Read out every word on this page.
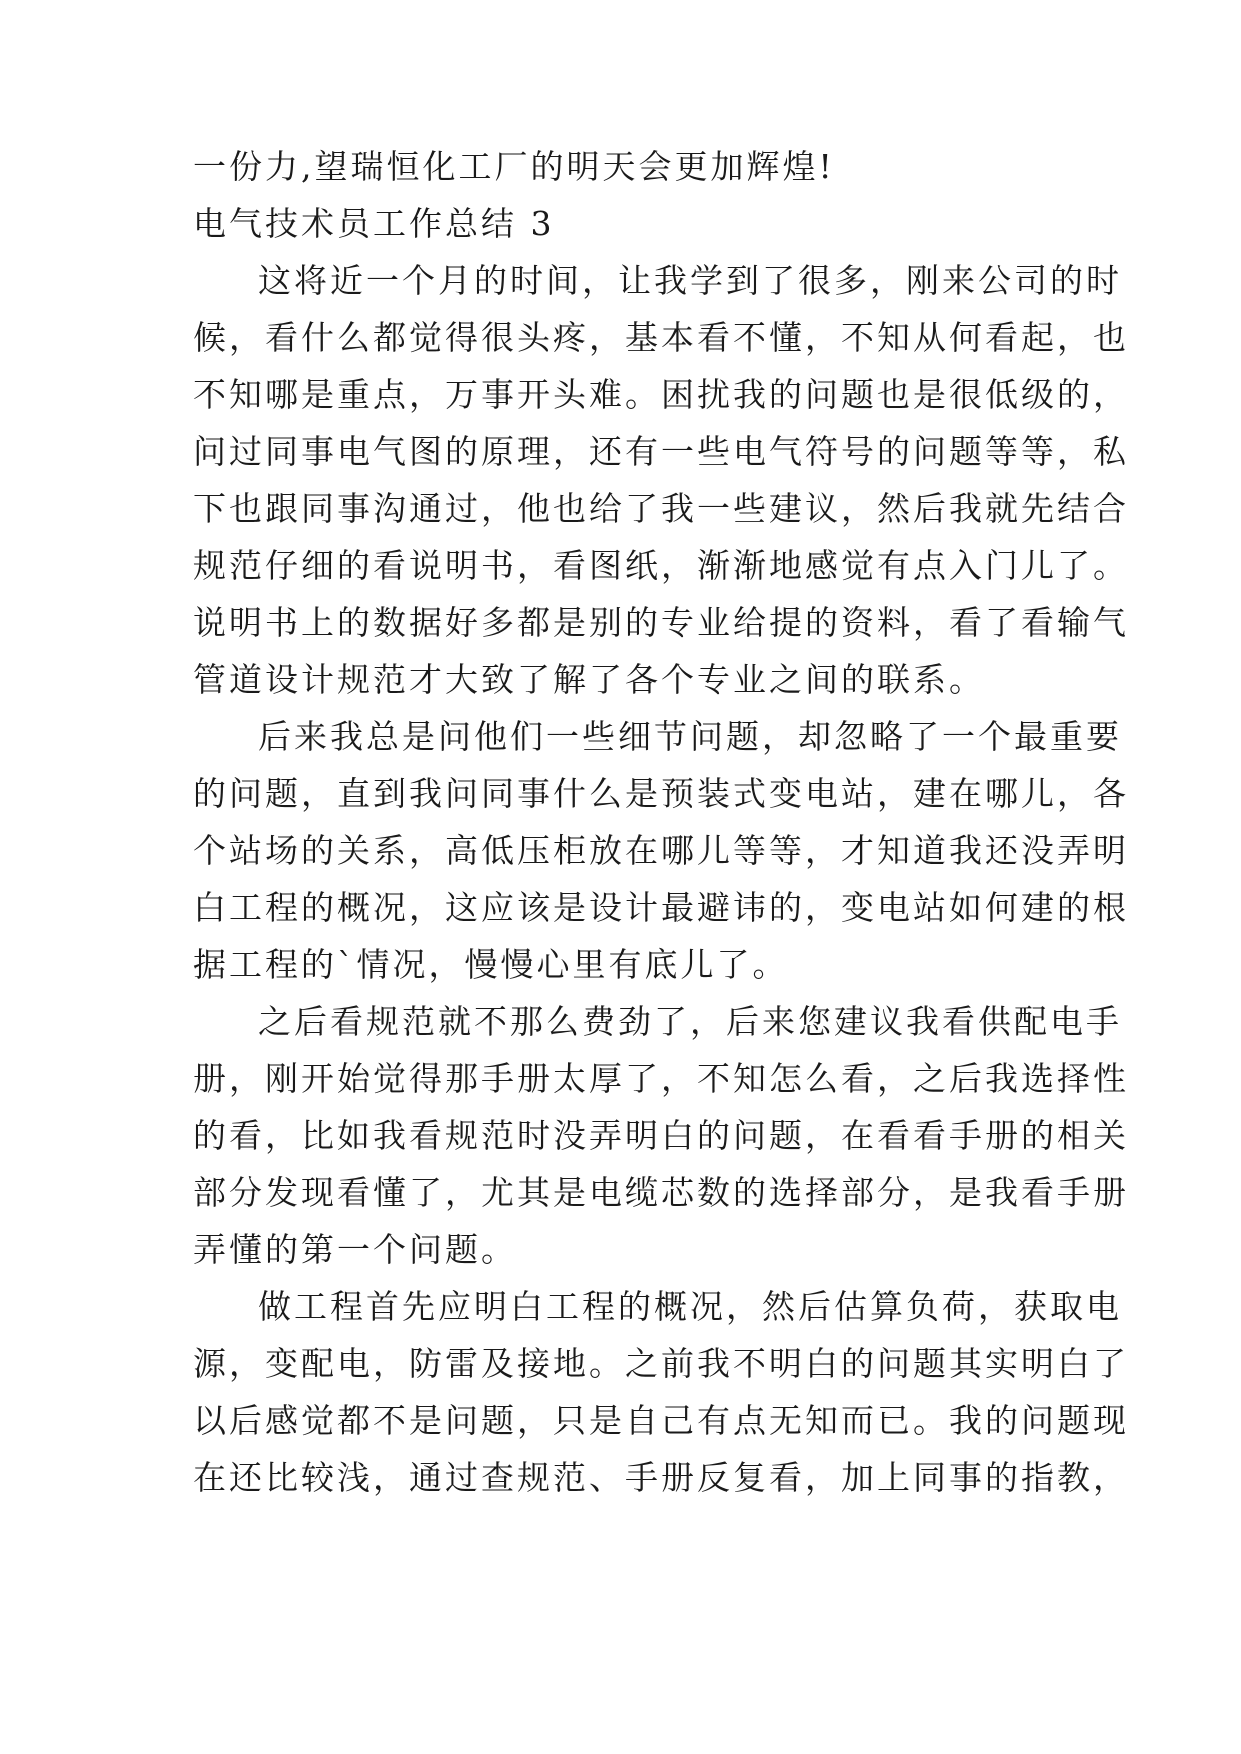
一份力,望瑞恒化工厂的明天会更加辉煌!
电气技术员工作总结 3
这将近一个月的时间，让我学到了很多，刚来公司的时
候，看什么都觉得很头疼，基本看不懂，不知从何看起，也
不知哪是重点，万事开头难。困扰我的问题也是很低级的，
问过同事电气图的原理，还有一些电气符号的问题等等，私
下也跟同事沟通过，他也给了我一些建议，然后我就先结合
规范仔细的看说明书，看图纸，渐渐地感觉有点入门儿了。
说明书上的数据好多都是别的专业给提的资料，看了看输气
管道设计规范才大致了解了各个专业之间的联系。
后来我总是问他们一些细节问题，却忽略了一个最重要
的问题，直到我问同事什么是预装式变电站，建在哪儿，各
个站场的关系，高低压柜放在哪儿等等，才知道我还没弄明
白工程的概况，这应该是设计最避讳的，变电站如何建的根
据工程的`情况，慢慢心里有底儿了。
之后看规范就不那么费劲了，后来您建议我看供配电手
册，刚开始觉得那手册太厚了，不知怎么看，之后我选择性
的看，比如我看规范时没弄明白的问题，在看看手册的相关
部分发现看懂了，尤其是电缆芯数的选择部分，是我看手册
弄懂的第一个问题。
做工程首先应明白工程的概况，然后估算负荷，获取电
源，变配电，防雷及接地。之前我不明白的问题其实明白了
以后感觉都不是问题，只是自己有点无知而已。我的问题现
在还比较浅，通过查规范、手册反复看，加上同事的指教，
